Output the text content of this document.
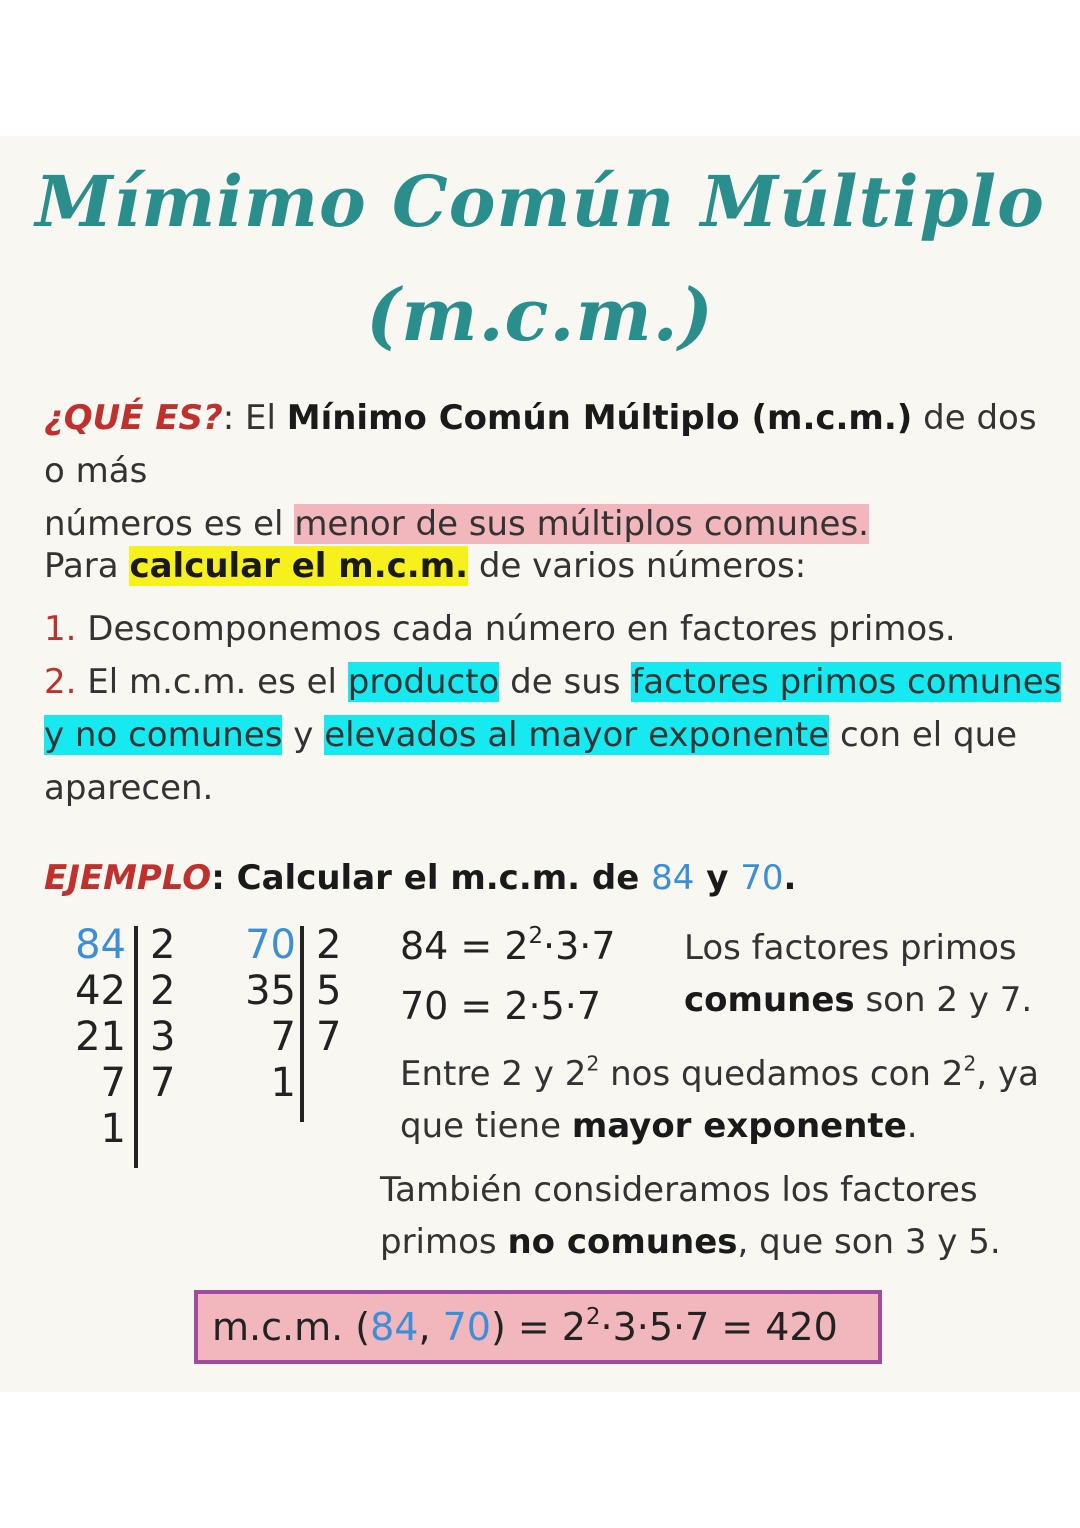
Mímimo Común Múltiplo
(m.c.m.)
¿QUÉ ES?: El Mínimo Común Múltiplo (m.c.m.) de dos o más
números es el menor de sus múltiplos comunes.
Para calcular el m.c.m. de varios números:
1. Descomponemos cada número en factores primos.
2. El m.c.m. es el producto de sus factores primos comunes
y no comunes y elevados al mayor exponente con el que
aparecen.
EJEMPLO: Calcular el m.c.m. de 84 y 70.
84 2
42 2
21 3
7 7
1
70 2
35 5
7 7
1
$84 = 2^2\cdot 3\cdot 7$
70 = 2·5·7
Los factores primos
comunes son 2 y 7.
Entre 2 y $2^2$ nos quedamos con $2^2$, ya
que tiene mayor exponente.
También consideramos los factores
primos no comunes, que son 3 y 5.
m.c.m. (84, $70) = 2^2\cdot 3\cdot 5\cdot 7 = 420$
